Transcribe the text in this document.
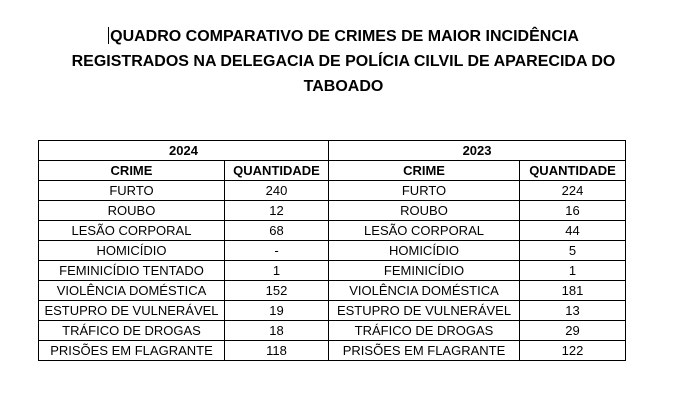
QUADRO COMPARATIVO DE CRIMES DE MAIOR INCIDÊNCIA
REGISTRADOS NA DELEGACIA DE POLÍCIA CILVIL DE APARECIDA DO
TABOADO
2024		2023	
CRIME	QUANTIDADE	CRIME	QUANTIDADE
FURTO	240	FURTO	224
ROUBO	12	ROUBO	16
LESÃO CORPORAL	68	LESÃO CORPORAL	44
HOMICÍDIO	-	HOMICÍDIO	5
FEMINICÍDIO TENTADO	1	FEMINICÍDIO	1
VIOLÊNCIA DOMÉSTICA	152	VIOLÊNCIA DOMÉSTICA	181
ESTUPRO DE VULNERÁVEL	19	ESTUPRO DE VULNERÁVEL	13
TRÁFICO DE DROGAS	18	TRÁFICO DE DROGAS	29
PRISÕES EM FLAGRANTE	118	PRISÕES EM FLAGRANTE	122
